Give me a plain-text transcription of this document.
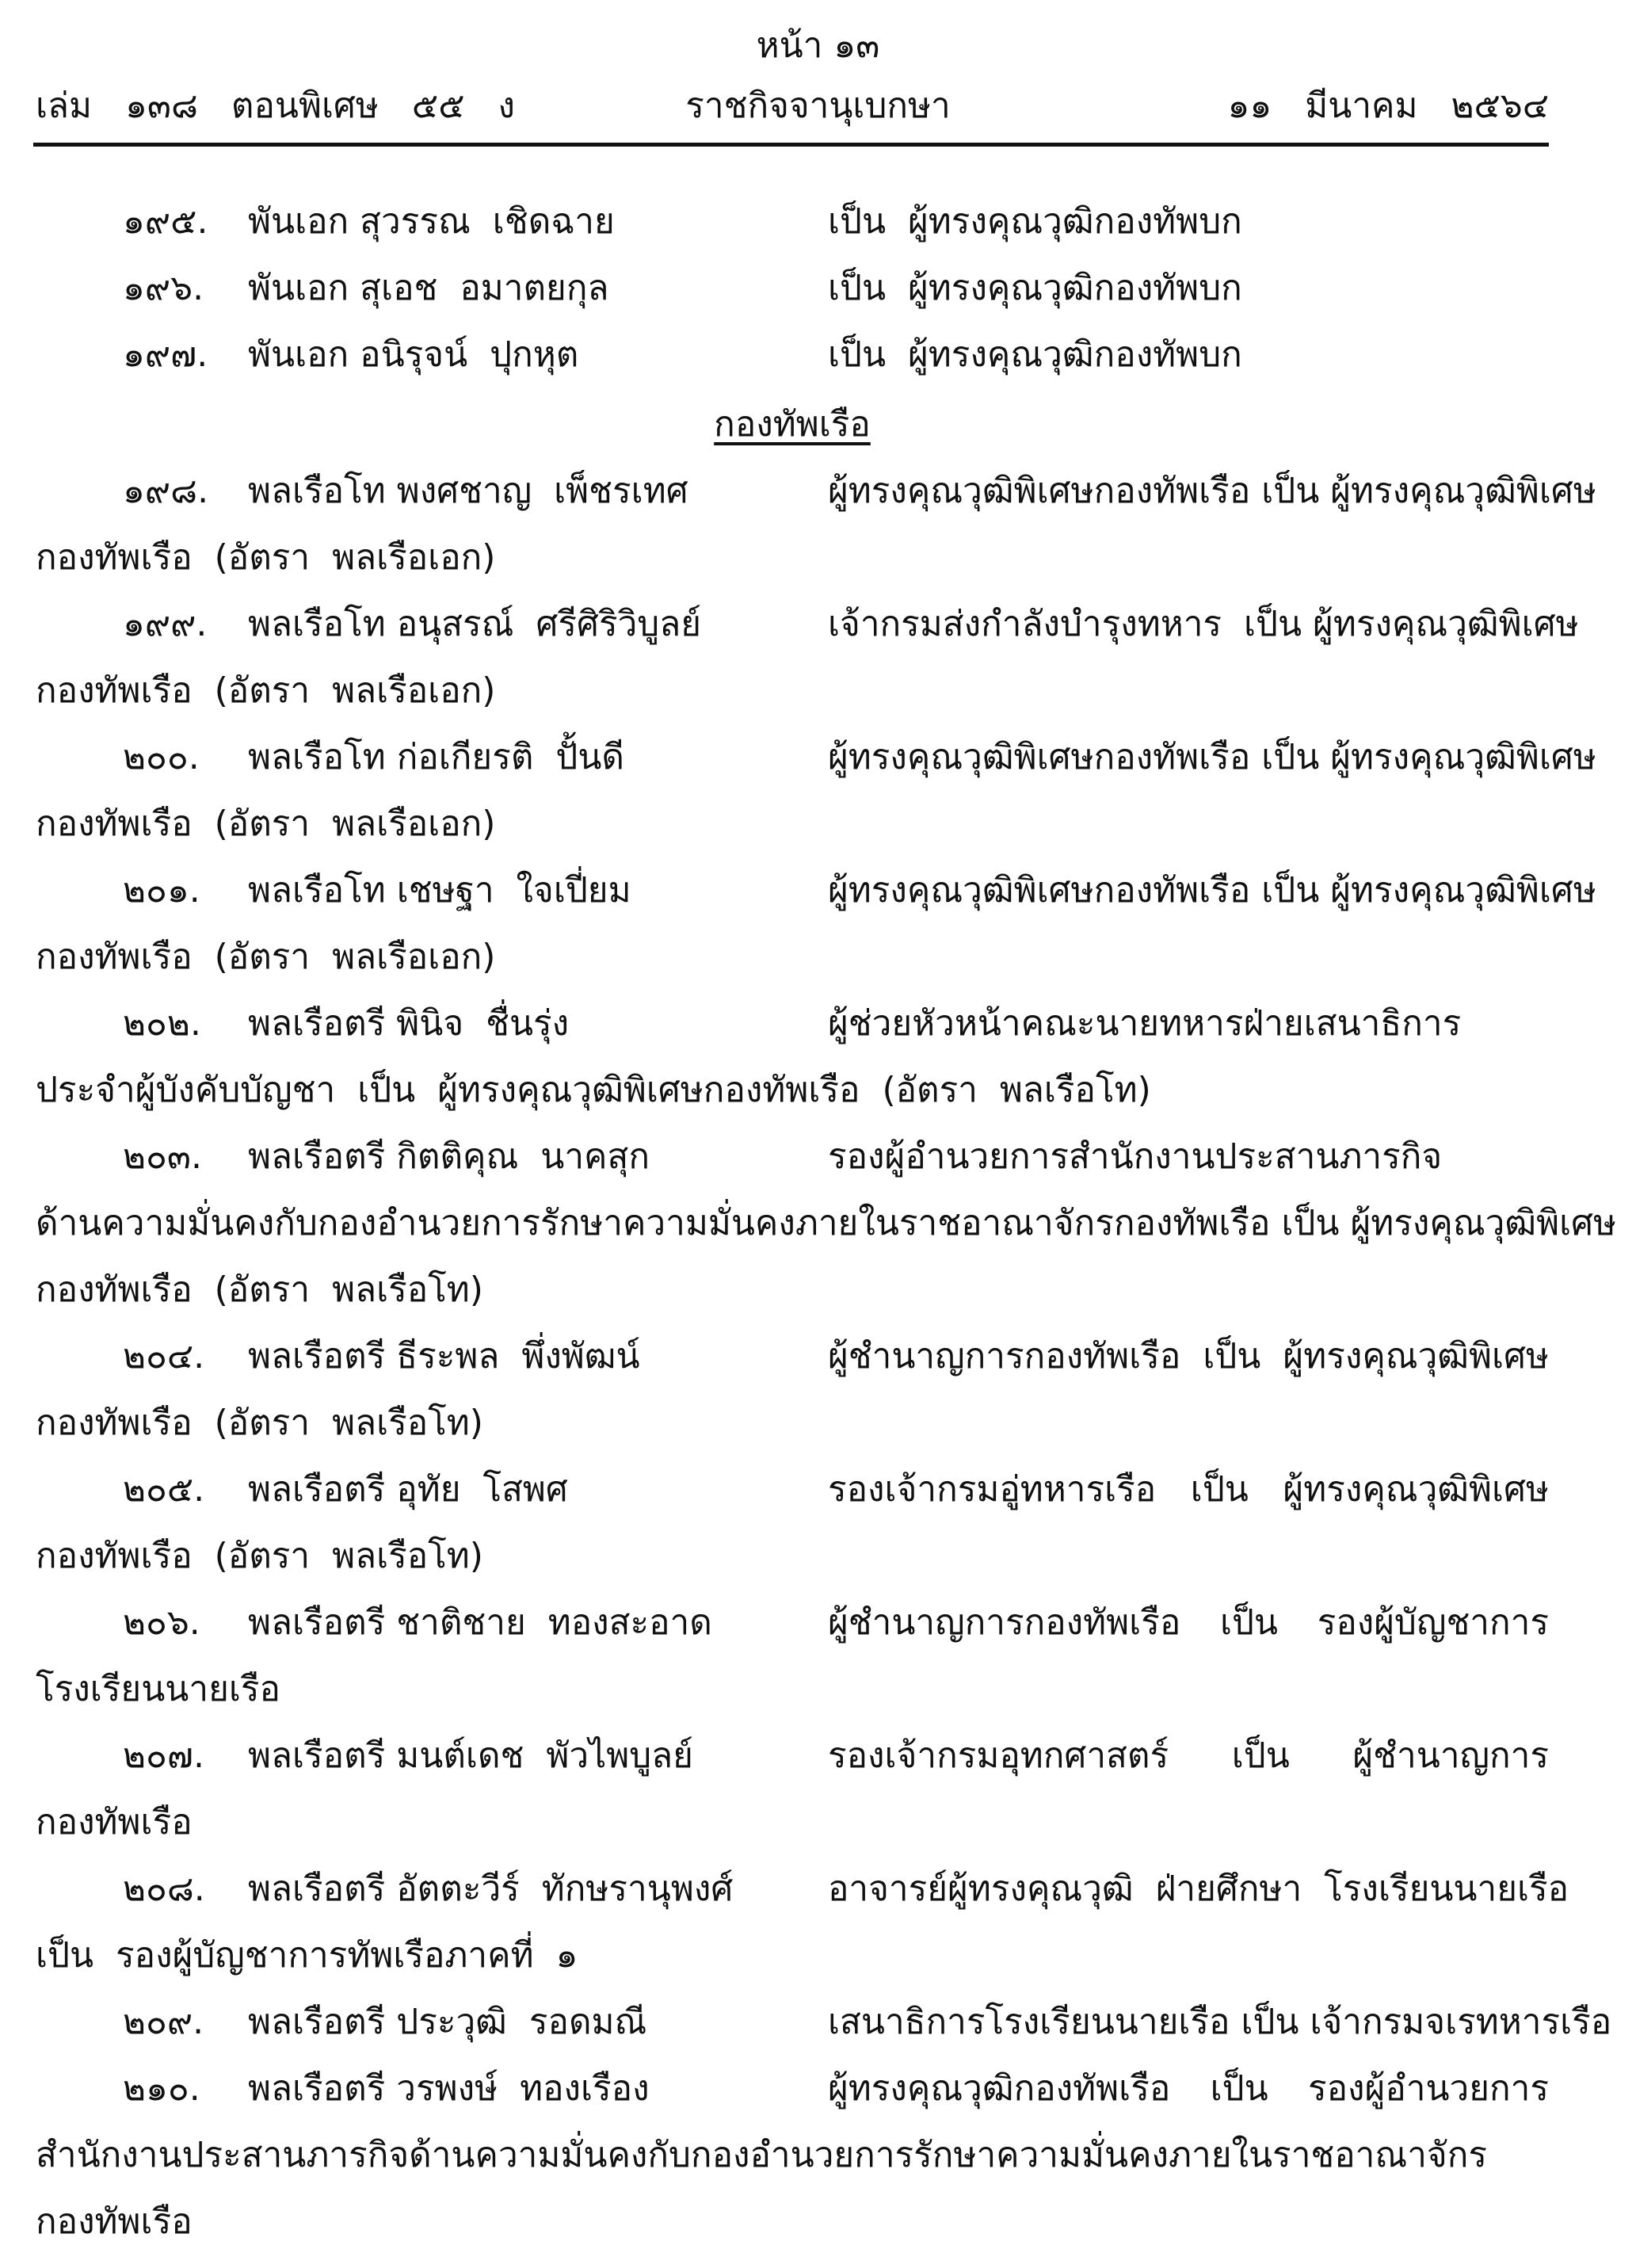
หน้า ๑๓
เล่ม   ๑๓๘   ตอนพิเศษ   ๕๕   ง	ราชกิจจานุเบกษา	๑๑   มีนาคม   ๒๕๖๔
๑๙๕. พันเอก สุวรรณ  เชิดฉาย	เป็น  ผู้ทรงคุณวุฒิกองทัพบก
๑๙๖. พันเอก สุเอช  อมาตยกุล	เป็น  ผู้ทรงคุณวุฒิกองทัพบก
๑๙๗. พันเอก อนิรุจน์  ปุกหุต	เป็น  ผู้ทรงคุณวุฒิกองทัพบก
กองทัพเรือ
๑๙๘. พลเรือโท พงศชาญ  เพ็ชรเทศ	ผู้ทรงคุณวุฒิพิเศษกองทัพเรือ เป็น ผู้ทรงคุณวุฒิพิเศษ
กองทัพเรือ  (อัตรา  พลเรือเอก)
๑๙๙. พลเรือโท อนุสรณ์  ศรีศิริวิบูลย์	เจ้ากรมส่งกำลังบำรุงทหาร  เป็น ผู้ทรงคุณวุฒิพิเศษ
กองทัพเรือ  (อัตรา  พลเรือเอก)
๒๐๐. พลเรือโท ก่อเกียรติ  ปั้นดี	ผู้ทรงคุณวุฒิพิเศษกองทัพเรือ เป็น ผู้ทรงคุณวุฒิพิเศษ
กองทัพเรือ  (อัตรา  พลเรือเอก)
๒๐๑. พลเรือโท เชษฐา  ใจเปี่ยม	ผู้ทรงคุณวุฒิพิเศษกองทัพเรือ เป็น ผู้ทรงคุณวุฒิพิเศษ
กองทัพเรือ  (อัตรา  พลเรือเอก)
๒๐๒. พลเรือตรี พินิจ  ชื่นรุ่ง	ผู้ช่วยหัวหน้าคณะนายทหารฝ่ายเสนาธิการ
ประจำผู้บังคับบัญชา  เป็น  ผู้ทรงคุณวุฒิพิเศษกองทัพเรือ  (อัตรา  พลเรือโท)
๒๐๓. พลเรือตรี กิตติคุณ  นาคสุก	รองผู้อำนวยการสำนักงานประสานภารกิจ
ด้านความมั่นคงกับกองอำนวยการรักษาความมั่นคงภายในราชอาณาจักรกองทัพเรือ เป็น ผู้ทรงคุณวุฒิพิเศษ
กองทัพเรือ  (อัตรา  พลเรือโท)
๒๐๔. พลเรือตรี ธีระพล  พึ่งพัฒน์	ผู้ชำนาญการกองทัพเรือ  เป็น  ผู้ทรงคุณวุฒิพิเศษ
กองทัพเรือ  (อัตรา  พลเรือโท)
๒๐๕. พลเรือตรี อุทัย  โสพศ	รองเจ้ากรมอู่ทหารเรือ  เป็น  ผู้ทรงคุณวุฒิพิเศษ
กองทัพเรือ  (อัตรา  พลเรือโท)
๒๐๖. พลเรือตรี ชาติชาย  ทองสะอาด	ผู้ชำนาญการกองทัพเรือ  เป็น  รองผู้บัญชาการ
โรงเรียนนายเรือ
๒๐๗. พลเรือตรี มนต์เดช  พัวไพบูลย์	รองเจ้ากรมอุทกศาสตร์  เป็น  ผู้ชำนาญการ
กองทัพเรือ
๒๐๘. พลเรือตรี อัตตะวีร์  ทักษรานุพงศ์	อาจารย์ผู้ทรงคุณวุฒิ  ฝ่ายศึกษา  โรงเรียนนายเรือ
เป็น  รองผู้บัญชาการทัพเรือภาคที่  ๑
๒๐๙. พลเรือตรี ประวุฒิ  รอดมณี	เสนาธิการโรงเรียนนายเรือ เป็น เจ้ากรมจเรทหารเรือ
๒๑๐. พลเรือตรี วรพงษ์  ทองเรือง	ผู้ทรงคุณวุฒิกองทัพเรือ  เป็น  รองผู้อำนวยการ
สำนักงานประสานภารกิจด้านความมั่นคงกับกองอำนวยการรักษาความมั่นคงภายในราชอาณาจักร
กองทัพเรือ
